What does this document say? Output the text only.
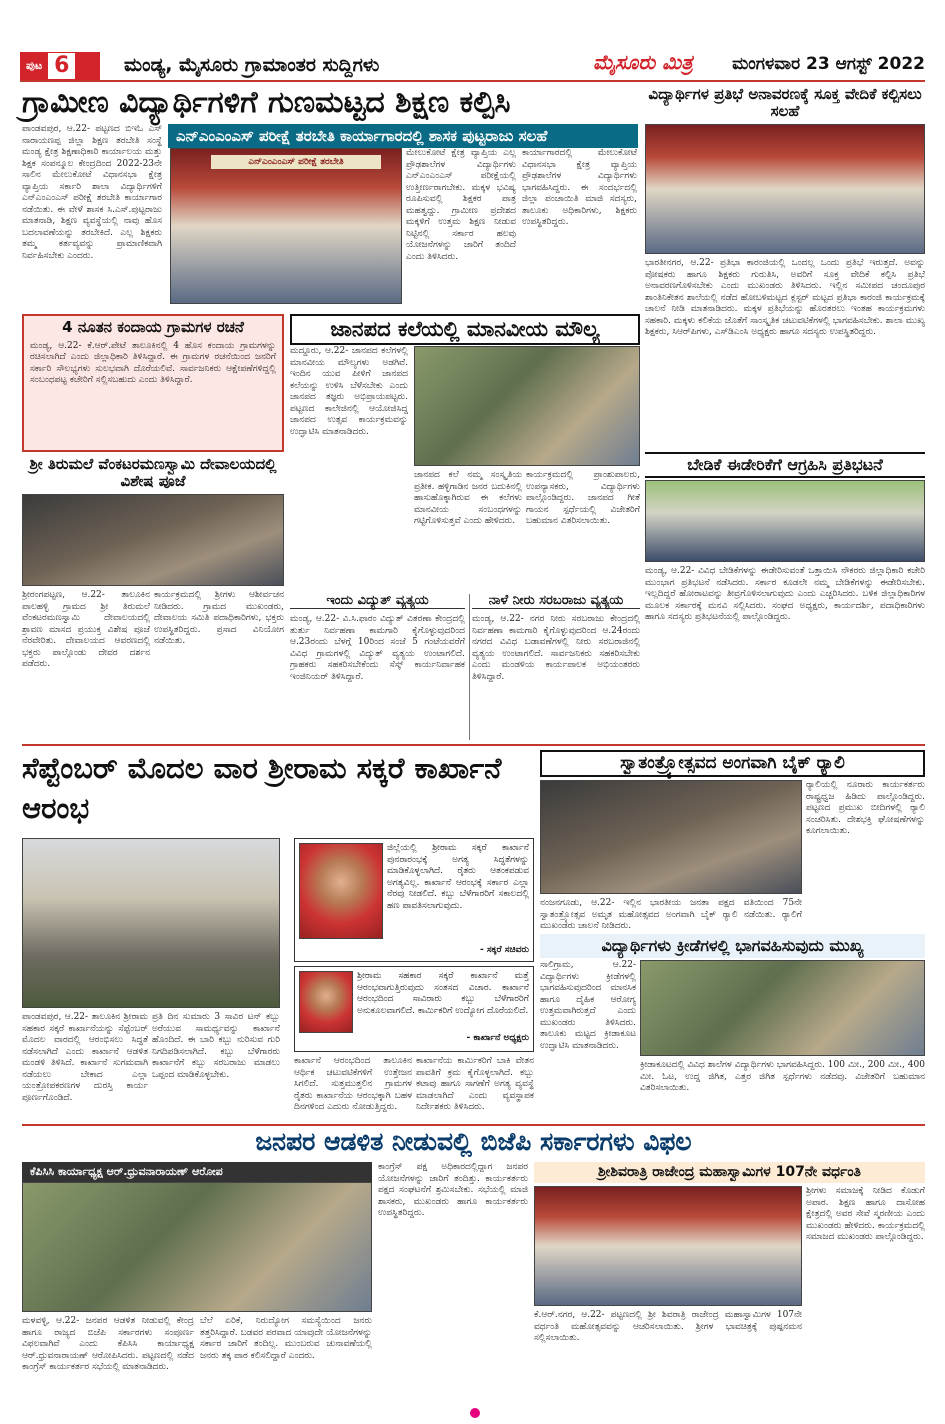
ಪುಟ 6	ಮಂಡ್ಯ, ಮೈಸೂರು ಗ್ರಾಮಾಂತರ ಸುದ್ದಿಗಳು	ಮೈಸೂರು ಮಿತ್ರ ಮಂಗಳವಾರ 23 ಆಗಸ್ಟ್ 2022
ಗ್ರಾಮೀಣ ವಿದ್ಯಾರ್ಥಿಗಳಿಗೆ ಗುಣಮಟ್ಟದ ಶಿಕ್ಷಣ ಕಲ್ಪಿಸಿ
ಪಾಂಡವಪುರ, ಆ.22- ಪಟ್ಟಣದ ಬಿಇಓ ಎಸ್ ನಾರಾಯಣಪ್ಪ ಜಿಲ್ಲಾ ಶಿಕ್ಷಣ ತರಬೇತಿ ಸಂಸ್ಥೆ ಮಂಡ್ಯ ಕ್ಷೇತ್ರ ಶಿಕ್ಷಣಾಧಿಕಾರಿ ಕಾರ್ಯಾಲಯ ಮತ್ತು ಶಿಕ್ಷಕ ಸಂಪನ್ಮೂಲ ಕೇಂದ್ರದಿಂದ 2022-23ನೇ ಸಾಲಿನ ಮೇಲುಕೋಟೆ ವಿಧಾನಸಭಾ ಕ್ಷೇತ್ರ ವ್ಯಾಪ್ತಿಯ ಸರ್ಕಾರಿ ಶಾಲಾ ವಿದ್ಯಾರ್ಥಿಗಳಿಗೆ ಎನ್‌ಎಂಎಂಎಸ್ ಪರೀಕ್ಷೆ ತರಬೇತಿ ಕಾರ್ಯಾಗಾರ ನಡೆಯಿತು. ಈ ವೇಳೆ ಶಾಸಕ ಸಿ.ಎಸ್.ಪುಟ್ಟರಾಜು ಮಾತನಾಡಿ, ಶಿಕ್ಷಣ ವ್ಯವಸ್ಥೆಯಲ್ಲಿ ನಾವು ಹೊಸ ಬದಲಾವಣೆಯನ್ನು ತರಬೇಕಿದೆ. ಎಲ್ಲ ಶಿಕ್ಷಕರು ತಮ್ಮ ಕರ್ತವ್ಯವನ್ನು ಪ್ರಾಮಾಣಿಕವಾಗಿ ನಿರ್ವಹಿಸಬೇಕು ಎಂದರು.
ಎನ್‌ಎಂಎಂಎಸ್ ಪರೀಕ್ಷೆ ತರಬೇತಿ ಕಾರ್ಯಾಗಾರದಲ್ಲಿ ಶಾಸಕ ಪುಟ್ಟರಾಜು ಸಲಹೆ
ಎನ್‌ಎಂಎಂಎಸ್ ಪರೀಕ್ಷೆ ತರಬೇತಿ
ಮೇಲುಕೋಟೆ ಕ್ಷೇತ್ರ ವ್ಯಾಪ್ತಿಯ ಎಲ್ಲ ಪ್ರೌಢಶಾಲೆಗಳ ವಿದ್ಯಾರ್ಥಿಗಳು ಎನ್‌ಎಂಎಂಎಸ್ ಪರೀಕ್ಷೆಯಲ್ಲಿ ಉತ್ತೀರ್ಣರಾಗಬೇಕು. ಮಕ್ಕಳ ಭವಿಷ್ಯ ರೂಪಿಸುವಲ್ಲಿ ಶಿಕ್ಷಕರ ಪಾತ್ರ ಮಹತ್ವದ್ದು. ಗ್ರಾಮೀಣ ಪ್ರದೇಶದ ಮಕ್ಕಳಿಗೆ ಉತ್ತಮ ಶಿಕ್ಷಣ ನೀಡುವ ನಿಟ್ಟಿನಲ್ಲಿ ಸರ್ಕಾರ ಹಲವು ಯೋಜನೆಗಳನ್ನು ಜಾರಿಗೆ ತಂದಿದೆ ಎಂದು ತಿಳಿಸಿದರು.
ಕಾರ್ಯಾಗಾರದಲ್ಲಿ ಮೇಲುಕೋಟೆ ವಿಧಾನಸಭಾ ಕ್ಷೇತ್ರ ವ್ಯಾಪ್ತಿಯ ಪ್ರೌಢಶಾಲೆಗಳ ವಿದ್ಯಾರ್ಥಿಗಳು ಭಾಗವಹಿಸಿದ್ದರು. ಈ ಸಂದರ್ಭದಲ್ಲಿ ಜಿಲ್ಲಾ ಪಂಚಾಯಿತಿ ಮಾಜಿ ಸದಸ್ಯರು, ತಾಲೂಕು ಅಧಿಕಾರಿಗಳು, ಶಿಕ್ಷಕರು ಉಪಸ್ಥಿತರಿದ್ದರು.
ವಿದ್ಯಾರ್ಥಿಗಳ ಪ್ರತಿಭೆ ಅನಾವರಣಕ್ಕೆ ಸೂಕ್ತ ವೇದಿಕೆ ಕಲ್ಪಿಸಲು ಸಲಹೆ
ಭಾರತೀನಗರ, ಆ.22- ಪ್ರತಿಭಾ ಕಾರಂಜಿಯಲ್ಲಿ ಒಂದಲ್ಲ ಒಂದು ಪ್ರತಿಭೆ ಇರುತ್ತದೆ. ಅವನ್ನು ಪೋಷಕರು ಹಾಗೂ ಶಿಕ್ಷಕರು ಗುರುತಿಸಿ, ಅವರಿಗೆ ಸೂಕ್ತ ವೇದಿಕೆ ಕಲ್ಪಿಸಿ ಪ್ರತಿಭೆ ಅನಾವರಣಗೊಳಿಸಬೇಕು ಎಂದು ಮುಖಂಡರು ತಿಳಿಸಿದರು. ಇಲ್ಲಿನ ಸಮೀಪದ ಚಂದೂಪುರ ಶಾಂತಿನಿಕೇತನ ಶಾಲೆಯಲ್ಲಿ ನಡೆದ ಹೋಬಳಿಮಟ್ಟದ ಕ್ಲಸ್ಟರ್ ಮಟ್ಟದ ಪ್ರತಿಭಾ ಕಾರಂಜಿ ಕಾರ್ಯಕ್ರಮಕ್ಕೆ ಚಾಲನೆ ನೀಡಿ ಮಾತನಾಡಿದರು. ಮಕ್ಕಳ ಪ್ರತಿಭೆಯನ್ನು ಹೊರತರಲು ಇಂತಹ ಕಾರ್ಯಕ್ರಮಗಳು ಸಹಕಾರಿ. ಮಕ್ಕಳು ಕಲಿಕೆಯ ಜೊತೆಗೆ ಸಾಂಸ್ಕೃತಿಕ ಚಟುವಟಿಕೆಗಳಲ್ಲಿ ಭಾಗವಹಿಸಬೇಕು. ಶಾಲಾ ಮುಖ್ಯ ಶಿಕ್ಷಕರು, ಸಿಆರ್‌ಪಿಗಳು, ಎಸ್‌ಡಿಎಂಸಿ ಅಧ್ಯಕ್ಷರು ಹಾಗೂ ಸದಸ್ಯರು ಉಪಸ್ಥಿತರಿದ್ದರು.
4 ನೂತನ ಕಂದಾಯ ಗ್ರಾಮಗಳ ರಚನೆ
ಮಂಡ್ಯ, ಆ.22- ಕೆ.ಆರ್.ಪೇಟೆ ತಾಲೂಕಿನಲ್ಲಿ 4 ಹೊಸ ಕಂದಾಯ ಗ್ರಾಮಗಳನ್ನು ರಚಿಸಲಾಗಿದೆ ಎಂದು ಜಿಲ್ಲಾಧಿಕಾರಿ ತಿಳಿಸಿದ್ದಾರೆ. ಈ ಗ್ರಾಮಗಳ ರಚನೆಯಿಂದ ಜನರಿಗೆ ಸರ್ಕಾರಿ ಸೌಲಭ್ಯಗಳು ಸುಲಭವಾಗಿ ದೊರೆಯಲಿವೆ. ಸಾರ್ವಜನಿಕರು ಆಕ್ಷೇಪಣೆಗಳಿದ್ದಲ್ಲಿ ಸಂಬಂಧಪಟ್ಟ ಕಚೇರಿಗೆ ಸಲ್ಲಿಸಬಹುದು ಎಂದು ತಿಳಿಸಿದ್ದಾರೆ.
ಶ್ರೀ ತಿರುಮಲೆ ವೆಂಕಟರಮಣಸ್ವಾಮಿ ದೇವಾಲಯದಲ್ಲಿ ವಿಶೇಷ ಪೂಜೆ
ಶ್ರೀರಂಗಪಟ್ಟಣ, ಆ.22- ತಾಲೂಕಿನ ಪಾಲಹಳ್ಳಿ ಗ್ರಾಮದ ಶ್ರೀ ತಿರುಮಲೆ ವೆಂಕಟರಮಣಸ್ವಾಮಿ ದೇವಾಲಯದಲ್ಲಿ ಶ್ರಾವಣ ಮಾಸದ ಪ್ರಯುಕ್ತ ವಿಶೇಷ ಪೂಜೆ ನೆರವೇರಿತು. ದೇವಾಲಯದ ಆವರಣದಲ್ಲಿ ಭಕ್ತರು ಪಾಲ್ಗೊಂಡು ದೇವರ ದರ್ಶನ ಪಡೆದರು.
ಕಾರ್ಯಕ್ರಮದಲ್ಲಿ ಶ್ರೀಗಳು ಆಶೀರ್ವಚನ ನೀಡಿದರು. ಗ್ರಾಮದ ಮುಖಂಡರು, ದೇವಾಲಯ ಸಮಿತಿ ಪದಾಧಿಕಾರಿಗಳು, ಭಕ್ತರು ಉಪಸ್ಥಿತರಿದ್ದರು. ಪ್ರಸಾದ ವಿನಿಯೋಗ ನಡೆಯಿತು.
ಜಾನಪದ ಕಲೆಯಲ್ಲಿ ಮಾನವೀಯ ಮೌಲ್ಯ
ಮದ್ದೂರು, ಆ.22- ಜಾನಪದ ಕಲೆಗಳಲ್ಲಿ ಮಾನವೀಯ ಮೌಲ್ಯಗಳು ಅಡಗಿವೆ. ಇಂದಿನ ಯುವ ಪೀಳಿಗೆ ಜಾನಪದ ಕಲೆಯನ್ನು ಉಳಿಸಿ ಬೆಳೆಸಬೇಕು ಎಂದು ಜಾನಪದ ತಜ್ಞರು ಅಭಿಪ್ರಾಯಪಟ್ಟರು. ಪಟ್ಟಣದ ಕಾಲೇಜಿನಲ್ಲಿ ಆಯೋಜಿಸಿದ್ದ ಜಾನಪದ ಉತ್ಸವ ಕಾರ್ಯಕ್ರಮವನ್ನು ಉದ್ಘಾಟಿಸಿ ಮಾತನಾಡಿದರು.
ಜಾನಪದ ಕಲೆ ನಮ್ಮ ಸಂಸ್ಕೃತಿಯ ಪ್ರತೀಕ. ಹಳ್ಳಿಗಾಡಿನ ಜನರ ಬದುಕಿನಲ್ಲಿ ಹಾಸುಹೊಕ್ಕಾಗಿರುವ ಈ ಕಲೆಗಳು ಮಾನವೀಯ ಸಂಬಂಧಗಳನ್ನು ಗಟ್ಟಿಗೊಳಿಸುತ್ತವೆ ಎಂದು ಹೇಳಿದರು.
ಕಾರ್ಯಕ್ರಮದಲ್ಲಿ ಪ್ರಾಂಶುಪಾಲರು, ಉಪನ್ಯಾಸಕರು, ವಿದ್ಯಾರ್ಥಿಗಳು ಪಾಲ್ಗೊಂಡಿದ್ದರು. ಜಾನಪದ ಗೀತೆ ಗಾಯನ ಸ್ಪರ್ಧೆಯಲ್ಲಿ ವಿಜೇತರಿಗೆ ಬಹುಮಾನ ವಿತರಿಸಲಾಯಿತು.
ಬೇಡಿಕೆ ಈಡೇರಿಕೆಗೆ ಆಗ್ರಹಿಸಿ ಪ್ರತಿಭಟನೆ
ಮಂಡ್ಯ, ಆ.22- ವಿವಿಧ ಬೇಡಿಕೆಗಳನ್ನು ಈಡೇರಿಸುವಂತೆ ಒತ್ತಾಯಿಸಿ ನೌಕರರು ಜಿಲ್ಲಾಧಿಕಾರಿ ಕಚೇರಿ ಮುಂಭಾಗ ಪ್ರತಿಭಟನೆ ನಡೆಸಿದರು. ಸರ್ಕಾರ ಕೂಡಲೇ ನಮ್ಮ ಬೇಡಿಕೆಗಳನ್ನು ಈಡೇರಿಸಬೇಕು. ಇಲ್ಲದಿದ್ದರೆ ಹೋರಾಟವನ್ನು ತೀವ್ರಗೊಳಿಸಲಾಗುವುದು ಎಂದು ಎಚ್ಚರಿಸಿದರು. ಬಳಿಕ ಜಿಲ್ಲಾಧಿಕಾರಿಗಳ ಮೂಲಕ ಸರ್ಕಾರಕ್ಕೆ ಮನವಿ ಸಲ್ಲಿಸಿದರು. ಸಂಘದ ಅಧ್ಯಕ್ಷರು, ಕಾರ್ಯದರ್ಶಿ, ಪದಾಧಿಕಾರಿಗಳು ಹಾಗೂ ಸದಸ್ಯರು ಪ್ರತಿಭಟನೆಯಲ್ಲಿ ಪಾಲ್ಗೊಂಡಿದ್ದರು.
ಇಂದು ವಿದ್ಯುತ್ ವ್ಯತ್ಯಯ
ಮಂಡ್ಯ, ಆ.22- ವಿ.ಸಿ.ಫಾರಂ ವಿದ್ಯುತ್ ವಿತರಣಾ ಕೇಂದ್ರದಲ್ಲಿ ತುರ್ತು ನಿರ್ವಹಣಾ ಕಾಮಗಾರಿ ಕೈಗೊಳ್ಳುವುದರಿಂದ ಆ.23ರಂದು ಬೆಳಗ್ಗೆ 10ರಿಂದ ಸಂಜೆ 5 ಗಂಟೆಯವರೆಗೆ ವಿವಿಧ ಗ್ರಾಮಗಳಲ್ಲಿ ವಿದ್ಯುತ್ ವ್ಯತ್ಯಯ ಉಂಟಾಗಲಿದೆ. ಗ್ರಾಹಕರು ಸಹಕರಿಸಬೇಕೆಂದು ಸೆಸ್ಕ್ ಕಾರ್ಯನಿರ್ವಾಹಕ ಇಂಜಿನಿಯರ್ ತಿಳಿಸಿದ್ದಾರೆ.
ನಾಳೆ ನೀರು ಸರಬರಾಜು ವ್ಯತ್ಯಯ
ಮಂಡ್ಯ, ಆ.22- ನಗರ ನೀರು ಸರಬರಾಜು ಕೇಂದ್ರದಲ್ಲಿ ನಿರ್ವಹಣಾ ಕಾಮಗಾರಿ ಕೈಗೊಳ್ಳುವುದರಿಂದ ಆ.24ರಂದು ನಗರದ ವಿವಿಧ ಬಡಾವಣೆಗಳಲ್ಲಿ ನೀರು ಸರಬರಾಜಿನಲ್ಲಿ ವ್ಯತ್ಯಯ ಉಂಟಾಗಲಿದೆ. ಸಾರ್ವಜನಿಕರು ಸಹಕರಿಸಬೇಕು ಎಂದು ಮಂಡಳಿಯ ಕಾರ್ಯಪಾಲಕ ಅಭಿಯಂತರರು ತಿಳಿಸಿದ್ದಾರೆ.
ಸೆಪ್ಟೆಂಬರ್ ಮೊದಲ ವಾರ ಶ್ರೀರಾಮ ಸಕ್ಕರೆ ಕಾರ್ಖಾನೆ ಆರಂಭ
ಜಿಲ್ಲೆಯಲ್ಲಿ ಶ್ರೀರಾಮ ಸಕ್ಕರೆ ಕಾರ್ಖಾನೆ ಪುನರಾರಂಭಕ್ಕೆ ಅಗತ್ಯ ಸಿದ್ಧತೆಗಳನ್ನು ಮಾಡಿಕೊಳ್ಳಲಾಗಿದೆ. ರೈತರು ಆತಂಕಪಡುವ ಅಗತ್ಯವಿಲ್ಲ. ಕಾರ್ಖಾನೆ ಆರಂಭಕ್ಕೆ ಸರ್ಕಾರ ಎಲ್ಲಾ ನೆರವು ನೀಡಲಿದೆ. ಕಬ್ಬು ಬೆಳೆಗಾರರಿಗೆ ಸಕಾಲದಲ್ಲಿ ಹಣ ಪಾವತಿಸಲಾಗುವುದು.
- ಸಕ್ಕರೆ ಸಚಿವರು
ಶ್ರೀರಾಮ ಸಹಕಾರ ಸಕ್ಕರೆ ಕಾರ್ಖಾನೆ ಮತ್ತೆ ಆರಂಭವಾಗುತ್ತಿರುವುದು ಸಂತಸದ ವಿಚಾರ. ಕಾರ್ಖಾನೆ ಆರಂಭದಿಂದ ಸಾವಿರಾರು ಕಬ್ಬು ಬೆಳೆಗಾರರಿಗೆ ಅನುಕೂಲವಾಗಲಿದೆ. ಕಾರ್ಮಿಕರಿಗೆ ಉದ್ಯೋಗ ದೊರೆಯಲಿದೆ.
- ಕಾರ್ಖಾನೆ ಅಧ್ಯಕ್ಷರು
ಪಾಂಡವಪುರ, ಆ.22- ತಾಲೂಕಿನ ಶ್ರೀರಾಮ ಸಹಕಾರ ಸಕ್ಕರೆ ಕಾರ್ಖಾನೆಯನ್ನು ಸೆಪ್ಟೆಂಬರ್ ಮೊದಲ ವಾರದಲ್ಲಿ ಆರಂಭಿಸಲು ಸಿದ್ಧತೆ ನಡೆಸಲಾಗಿದೆ ಎಂದು ಕಾರ್ಖಾನೆ ಆಡಳಿತ ಮಂಡಳಿ ತಿಳಿಸಿದೆ. ಕಾರ್ಖಾನೆ ಸುಗಮವಾಗಿ ನಡೆಯಲು ಬೇಕಾದ ಎಲ್ಲಾ ಯಂತ್ರೋಪಕರಣಗಳ ದುರಸ್ತಿ ಕಾರ್ಯ ಪೂರ್ಣಗೊಂಡಿದೆ.
ಪ್ರತಿ ದಿನ ಸುಮಾರು 3 ಸಾವಿರ ಟನ್ ಕಬ್ಬು ಅರೆಯುವ ಸಾಮರ್ಥ್ಯವನ್ನು ಕಾರ್ಖಾನೆ ಹೊಂದಿದೆ. ಈ ಬಾರಿ ಕಬ್ಬು ನುರಿಸುವ ಗುರಿ ನಿಗದಿಪಡಿಸಲಾಗಿದೆ. ಕಬ್ಬು ಬೆಳೆಗಾರರು ಕಾರ್ಖಾನೆಗೆ ಕಬ್ಬು ಸರಬರಾಜು ಮಾಡಲು ಒಪ್ಪಂದ ಮಾಡಿಕೊಳ್ಳಬೇಕು.
ಕಾರ್ಖಾನೆ ಆರಂಭದಿಂದ ತಾಲೂಕಿನ ಆರ್ಥಿಕ ಚಟುವಟಿಕೆಗಳಿಗೆ ಉತ್ತೇಜನ ಸಿಗಲಿದೆ. ಸುತ್ತಮುತ್ತಲಿನ ಗ್ರಾಮಗಳ ರೈತರು ಕಾರ್ಖಾನೆಯ ಆರಂಭಕ್ಕಾಗಿ ಬಹಳ ದಿನಗಳಿಂದ ಎದುರು ನೋಡುತ್ತಿದ್ದರು.
ಕಾರ್ಖಾನೆಯ ಕಾರ್ಮಿಕರಿಗೆ ಬಾಕಿ ವೇತನ ಪಾವತಿಗೆ ಕ್ರಮ ಕೈಗೊಳ್ಳಲಾಗಿದೆ. ಕಬ್ಬು ಕಟಾವು ಹಾಗೂ ಸಾಗಣೆಗೆ ಅಗತ್ಯ ವ್ಯವಸ್ಥೆ ಮಾಡಲಾಗಿದೆ ಎಂದು ವ್ಯವಸ್ಥಾಪಕ ನಿರ್ದೇಶಕರು ತಿಳಿಸಿದರು.
ಸ್ವಾತಂತ್ರ್ಯೋತ್ಸವದ ಅಂಗವಾಗಿ ಬೈಕ್ ರ‍್ಯಾಲಿ
ರ‍್ಯಾಲಿಯಲ್ಲಿ ನೂರಾರು ಕಾರ್ಯಕರ್ತರು ರಾಷ್ಟ್ರಧ್ವಜ ಹಿಡಿದು ಪಾಲ್ಗೊಂಡಿದ್ದರು. ಪಟ್ಟಣದ ಪ್ರಮುಖ ಬೀದಿಗಳಲ್ಲಿ ರ‍್ಯಾಲಿ ಸಂಚರಿಸಿತು. ದೇಶಭಕ್ತಿ ಘೋಷಣೆಗಳನ್ನು ಕೂಗಲಾಯಿತು.
ನಂಜನಗೂಡು, ಆ.22- ಇಲ್ಲಿನ ಭಾರತೀಯ ಜನತಾ ಪಕ್ಷದ ವತಿಯಿಂದ 75ನೇ ಸ್ವಾತಂತ್ರ್ಯೋತ್ಸವ ಅಮೃತ ಮಹೋತ್ಸವದ ಅಂಗವಾಗಿ ಬೈಕ್ ರ‍್ಯಾಲಿ ನಡೆಯಿತು. ರ‍್ಯಾಲಿಗೆ ಮುಖಂಡರು ಚಾಲನೆ ನೀಡಿದರು.
ವಿದ್ಯಾರ್ಥಿಗಳು ಕ್ರೀಡೆಗಳಲ್ಲಿ ಭಾಗವಹಿಸುವುದು ಮುಖ್ಯ
ಸಾಲಿಗ್ರಾಮ, ಆ.22- ವಿದ್ಯಾರ್ಥಿಗಳು ಕ್ರೀಡೆಗಳಲ್ಲಿ ಭಾಗವಹಿಸುವುದರಿಂದ ಮಾನಸಿಕ ಹಾಗೂ ದೈಹಿಕ ಆರೋಗ್ಯ ಉತ್ತಮವಾಗಿರುತ್ತದೆ ಎಂದು ಮುಖಂಡರು ತಿಳಿಸಿದರು. ತಾಲೂಕು ಮಟ್ಟದ ಕ್ರೀಡಾಕೂಟ ಉದ್ಘಾಟಿಸಿ ಮಾತನಾಡಿದರು.
ಕ್ರೀಡಾಕೂಟದಲ್ಲಿ ವಿವಿಧ ಶಾಲೆಗಳ ವಿದ್ಯಾರ್ಥಿಗಳು ಭಾಗವಹಿಸಿದ್ದರು. 100 ಮೀ., 200 ಮೀ., 400 ಮೀ. ಓಟ, ಉದ್ದ ಜಿಗಿತ, ಎತ್ತರ ಜಿಗಿತ ಸ್ಪರ್ಧೆಗಳು ನಡೆದವು. ವಿಜೇತರಿಗೆ ಬಹುಮಾನ ವಿತರಿಸಲಾಯಿತು.
ಜನಪರ ಆಡಳಿತ ನೀಡುವಲ್ಲಿ ಬಿಜೆಪಿ ಸರ್ಕಾರಗಳು ವಿಫಲ
ಕೆಪಿಸಿಸಿ ಕಾರ್ಯಾಧ್ಯಕ್ಷ ಆರ್.ಧ್ರುವನಾರಾಯಣ್ ಆರೋಪ
ಮಳವಳ್ಳಿ, ಆ.22- ಜನಪರ ಆಡಳಿತ ನೀಡುವಲ್ಲಿ ಕೇಂದ್ರ ಹಾಗೂ ರಾಜ್ಯದ ಬಿಜೆಪಿ ಸರ್ಕಾರಗಳು ಸಂಪೂರ್ಣ ವಿಫಲವಾಗಿವೆ ಎಂದು ಕೆಪಿಸಿಸಿ ಕಾರ್ಯಾಧ್ಯಕ್ಷ ಆರ್.ಧ್ರುವನಾರಾಯಣ್ ಆರೋಪಿಸಿದರು. ಪಟ್ಟಣದಲ್ಲಿ ನಡೆದ ಕಾಂಗ್ರೆಸ್ ಕಾರ್ಯಕರ್ತರ ಸಭೆಯಲ್ಲಿ ಮಾತನಾಡಿದರು.
ಬೆಲೆ ಏರಿಕೆ, ನಿರುದ್ಯೋಗ ಸಮಸ್ಯೆಯಿಂದ ಜನರು ತತ್ತರಿಸಿದ್ದಾರೆ. ಬಡವರ ಪರವಾದ ಯಾವುದೇ ಯೋಜನೆಗಳನ್ನು ಸರ್ಕಾರ ಜಾರಿಗೆ ತಂದಿಲ್ಲ. ಮುಂಬರುವ ಚುನಾವಣೆಯಲ್ಲಿ ಜನರು ತಕ್ಕ ಪಾಠ ಕಲಿಸಲಿದ್ದಾರೆ ಎಂದರು.
ಕಾಂಗ್ರೆಸ್ ಪಕ್ಷ ಅಧಿಕಾರದಲ್ಲಿದ್ದಾಗ ಜನಪರ ಯೋಜನೆಗಳನ್ನು ಜಾರಿಗೆ ತಂದಿತ್ತು. ಕಾರ್ಯಕರ್ತರು ಪಕ್ಷದ ಸಂಘಟನೆಗೆ ಶ್ರಮಿಸಬೇಕು. ಸಭೆಯಲ್ಲಿ ಮಾಜಿ ಶಾಸಕರು, ಮುಖಂಡರು ಹಾಗೂ ಕಾರ್ಯಕರ್ತರು ಉಪಸ್ಥಿತರಿದ್ದರು.
ಶ್ರೀಶಿವರಾತ್ರಿ ರಾಜೇಂದ್ರ ಮಹಾಸ್ವಾಮಿಗಳ 107ನೇ ವರ್ಧಂತಿ
ಶ್ರೀಗಳು ಸಮಾಜಕ್ಕೆ ನೀಡಿದ ಕೊಡುಗೆ ಅಪಾರ. ಶಿಕ್ಷಣ ಹಾಗೂ ದಾಸೋಹ ಕ್ಷೇತ್ರದಲ್ಲಿ ಅವರ ಸೇವೆ ಸ್ಮರಣೀಯ ಎಂದು ಮುಖಂಡರು ಹೇಳಿದರು. ಕಾರ್ಯಕ್ರಮದಲ್ಲಿ ಸಮಾಜದ ಮುಖಂಡರು ಪಾಲ್ಗೊಂಡಿದ್ದರು.
ಕೆ.ಆರ್.ನಗರ, ಆ.22- ಪಟ್ಟಣದಲ್ಲಿ ಶ್ರೀ ಶಿವರಾತ್ರಿ ರಾಜೇಂದ್ರ ಮಹಾಸ್ವಾಮಿಗಳ 107ನೇ ವರ್ಧಂತಿ ಮಹೋತ್ಸವವನ್ನು ಆಚರಿಸಲಾಯಿತು. ಶ್ರೀಗಳ ಭಾವಚಿತ್ರಕ್ಕೆ ಪುಷ್ಪನಮನ ಸಲ್ಲಿಸಲಾಯಿತು.
